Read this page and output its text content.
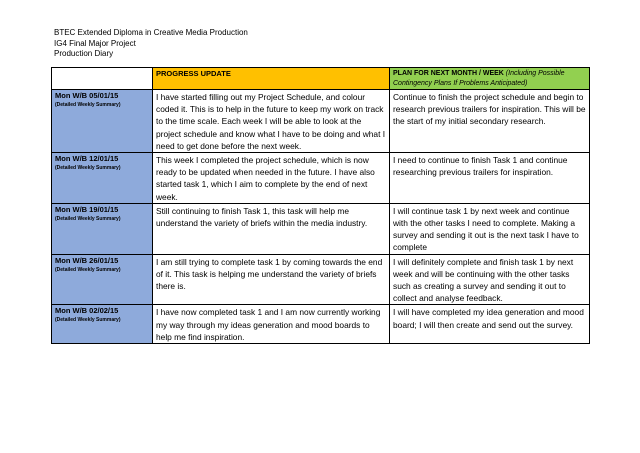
BTEC Extended Diploma in Creative Media Production
IG4 Final Major Project
Production Diary
	PROGRESS UPDATE	PLAN FOR NEXT MONTH / WEEK (Including Possible Contingency Plans If Problems Anticipated)

Mon W/B 05/01/15
(Detailed Weekly Summary)	I have started filling out my Project Schedule, and colour coded it. This is to help in the future to keep my work on track to the time scale. Each week I will be able to look at the project schedule and know what I have to be doing and what I need to get done before the next week.	Continue to finish the project schedule and begin to research previous trailers for inspiration. This will be the start of my initial secondary research.

Mon W/B 12/01/15
(Detailed Weekly Summary)	This week I completed the project schedule, which is now ready to be updated when needed in the future. I have also started task 1, which I aim to complete by the end of next week.	I need to continue to finish Task 1 and continue researching previous trailers for inspiration.

Mon W/B 19/01/15
(Detailed Weekly Summary)	Still continuing to finish Task 1, this task will help me understand the variety of briefs within the media industry.	I will continue task 1 by next week and continue with the other tasks I need to complete. Making a survey and sending it out is the next task I have to complete

Mon W/B 26/01/15
(Detailed Weekly Summary)	I am still trying to complete task 1 by coming towards the end of it. This task is helping me understand the variety of briefs there is.	I will definitely complete and finish task 1 by next week and will be continuing with the other tasks such as creating a survey and sending it out to collect and analyse feedback.

Mon W/B 02/02/15
(Detailed Weekly Summary)	I have now completed task 1 and I am now currently working my way through my ideas generation and mood boards to help me find inspiration.	I will have completed my idea generation and mood board; I will then create and send out the survey.
